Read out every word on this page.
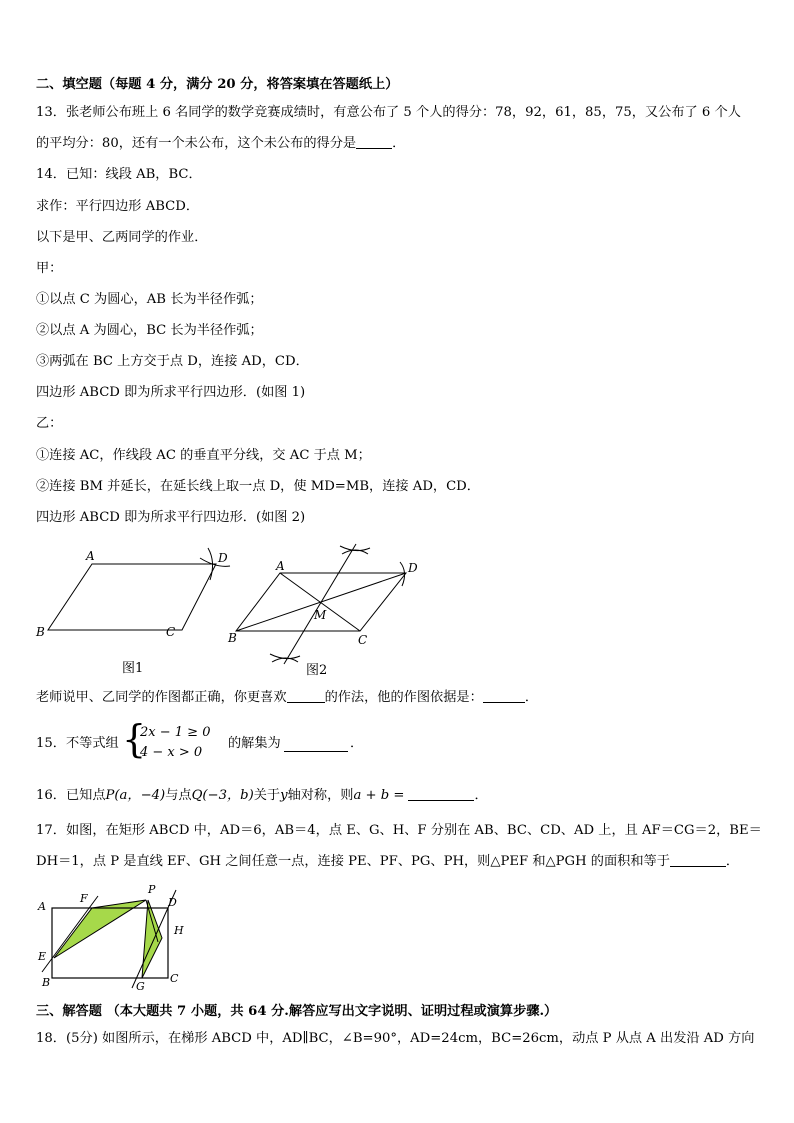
二、填空题（每题 4 分，满分 20 分，将答案填在答题纸上）
13．张老师公布班上 6 名同学的数学竞赛成绩时，有意公布了 5 个人的得分：78，92，61，85，75，又公布了 6 个人
的平均分：80，还有一个未公布，这个未公布的得分是	．
14．已知：线段 AB，BC．
求作：平行四边形 ABCD．
以下是甲、乙两同学的作业．
甲：
①以点 C 为圆心，AB 长为半径作弧；
②以点 A 为圆心，BC 长为半径作弧；
③两弧在 BC 上方交于点 D，连接 AD，CD．
四边形 ABCD 即为所求平行四边形．(如图 1)
乙：
①连接 AC，作线段 AC 的垂直平分线，交 AC 于点 M；
②连接 BM 并延长，在延长线上取一点 D，使 MD=MB，连接 AD，CD．
四边形 ABCD 即为所求平行四边形．(如图 2)
A	D
B	C
图1
A	D
B	C
M
图2
老师说甲、乙同学的作图都正确，你更喜欢	的作法，他的作图依据是：	．
15．不等式组 {
2x − 1 ≥ 0
4 − x > 0
的解集为	．
16．已知点P(a，−4)与点Q(−3，b)关于y轴对称，则a + b =	．
17．如图，在矩形 ABCD 中，AD＝6，AB＝4，点 E、G、H、F 分别在 AB、BC、CD、AD 上，且 AF＝CG＝2，BE＝
DH＝1，点 P 是直线 EF、GH 之间任意一点，连接 PE、PF、PG、PH，则△PEF 和△PGH 的面积和等于	．
A
E
B
F
P
D
H
G
C
三、解答题 （本大题共 7 小题，共 64 分.解答应写出文字说明、证明过程或演算步骤.）
18．(5分) 如图所示，在梯形 ABCD 中，AD∥BC，∠B=90°，AD=24cm，BC=26cm，动点 P 从点 A 出发沿 AD 方向
